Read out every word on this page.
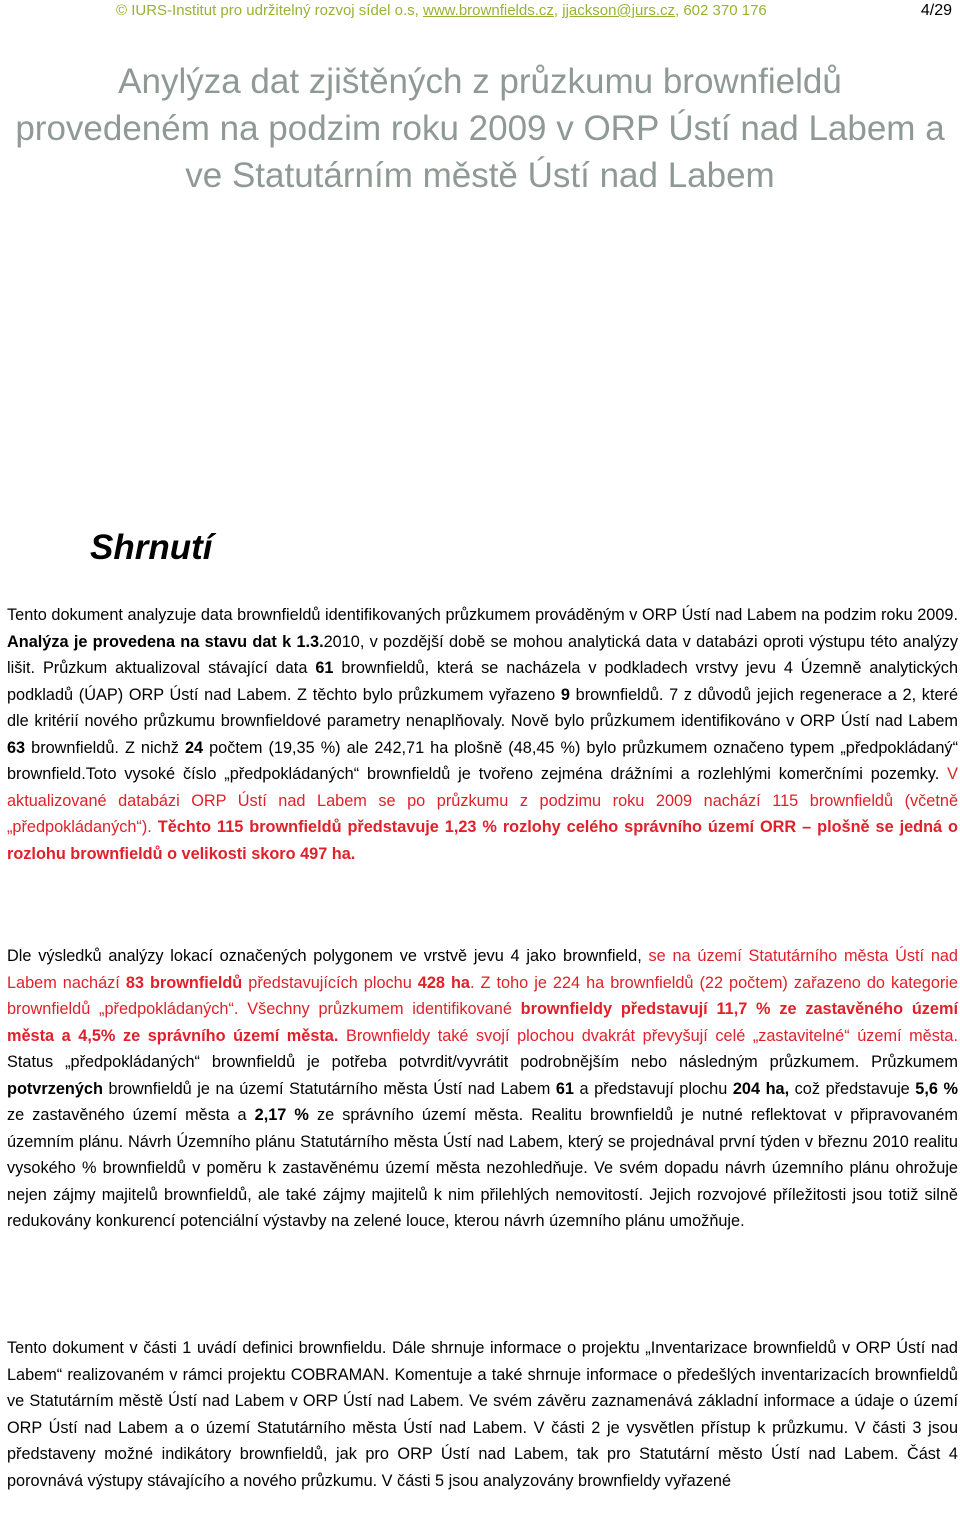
© IURS-Institut pro udržitelný rozvoj sídel o.s, www.brownfields.cz, jjackson@jurs.cz, 602 370 176	4/29
Anylýza dat zjištěných z průzkumu brownfieldů
provedeném na podzim roku 2009 v ORP Ústí nad Labem a
ve Statutárním městě Ústí nad Labem
Shrnutí

Tento dokument analyzuje data brownfieldů identifikovaných průzkumem prováděným v ORP Ústí nad Labem na podzim roku 2009. Analýza je provedena na stavu dat k 1.3.2010, v pozdější době se mohou analytická data v databázi oproti výstupu této analýzy lišit. Průzkum aktualizoval stávající data 61 brownfieldů, která se nacházela v podkladech vrstvy jevu 4 Územně analytických podkladů (ÚAP) ORP Ústí nad Labem. Z těchto bylo průzkumem vyřazeno 9 brownfieldů. 7 z důvodů jejich regenerace a 2, které dle kritérií nového průzkumu brownfieldové parametry nenaplňovaly. Nově bylo průzkumem identifikováno v ORP Ústí nad Labem 63 brownfieldů. Z nichž 24 počtem (19,35 %) ale 242,71 ha plošně (48,45 %) bylo průzkumem označeno typem „předpokládaný“ brownfield.Toto vysoké číslo „předpokládaných“ brownfieldů je tvořeno zejména drážními a rozlehlými komerčními pozemky. V aktualizované databázi ORP Ústí nad Labem se po průzkumu z podzimu roku 2009 nachází 115 brownfieldů (včetně „předpokládaných“). Těchto 115 brownfieldů představuje 1,23 % rozlohy celého správního území ORR – plošně se jedná o rozlohu brownfieldů o velikosti skoro 497 ha.

Dle výsledků analýzy lokací označených polygonem ve vrstvě jevu 4 jako brownfield, se na území Statutárního města Ústí nad Labem nachází 83 brownfieldů představujících plochu 428 ha. Z toho je 224 ha brownfieldů (22 počtem) zařazeno do kategorie brownfieldů „předpokládaných“. Všechny průzkumem identifikované brownfieldy představují 11,7 % ze zastavěného území města a 4,5% ze správního území města. Brownfieldy také svojí plochou dvakrát převyšují celé „zastavitelné“ území města. Status „předpokládaných“ brownfieldů je potřeba potvrdit/vyvrátit podrobnějším nebo následným průzkumem. Průzkumem potvrzených brownfieldů je na území Statutárního města Ústí nad Labem 61 a představují plochu 204 ha, což představuje 5,6 % ze zastavěného území města a 2,17 % ze správního území města. Realitu brownfieldů je nutné reflektovat v připravovaném územním plánu. Návrh Územního plánu Statutárního města Ústí nad Labem, který se projednával první týden v březnu 2010 realitu vysokého % brownfieldů v poměru k zastavěnému území města nezohledňuje. Ve svém dopadu návrh územního plánu ohrožuje nejen zájmy majitelů brownfieldů, ale také zájmy majitelů k nim přilehlých nemovitostí. Jejich rozvojové příležitosti jsou totiž silně redukovány konkurencí potenciální výstavby na zelené louce, kterou návrh územního plánu umožňuje.

Tento dokument v části 1 uvádí definici brownfieldu. Dále shrnuje informace o projektu „Inventarizace brownfieldů v ORP Ústí nad Labem“ realizovaném v rámci projektu COBRAMAN. Komentuje a také shrnuje informace o předešlých inventarizacích brownfieldů ve Statutárním městě Ústí nad Labem v ORP Ústí nad Labem. Ve svém závěru zaznamenává základní informace a údaje o území ORP Ústí nad Labem a o území Statutárního města Ústí nad Labem. V části 2 je vysvětlen přístup k průzkumu. V části 3 jsou představeny možné indikátory brownfieldů, jak pro ORP Ústí nad Labem, tak pro Statutární město Ústí nad Labem. Část 4 porovnává výstupy stávajícího a nového průzkumu. V části 5 jsou analyzovány brownfieldy vyřazené
